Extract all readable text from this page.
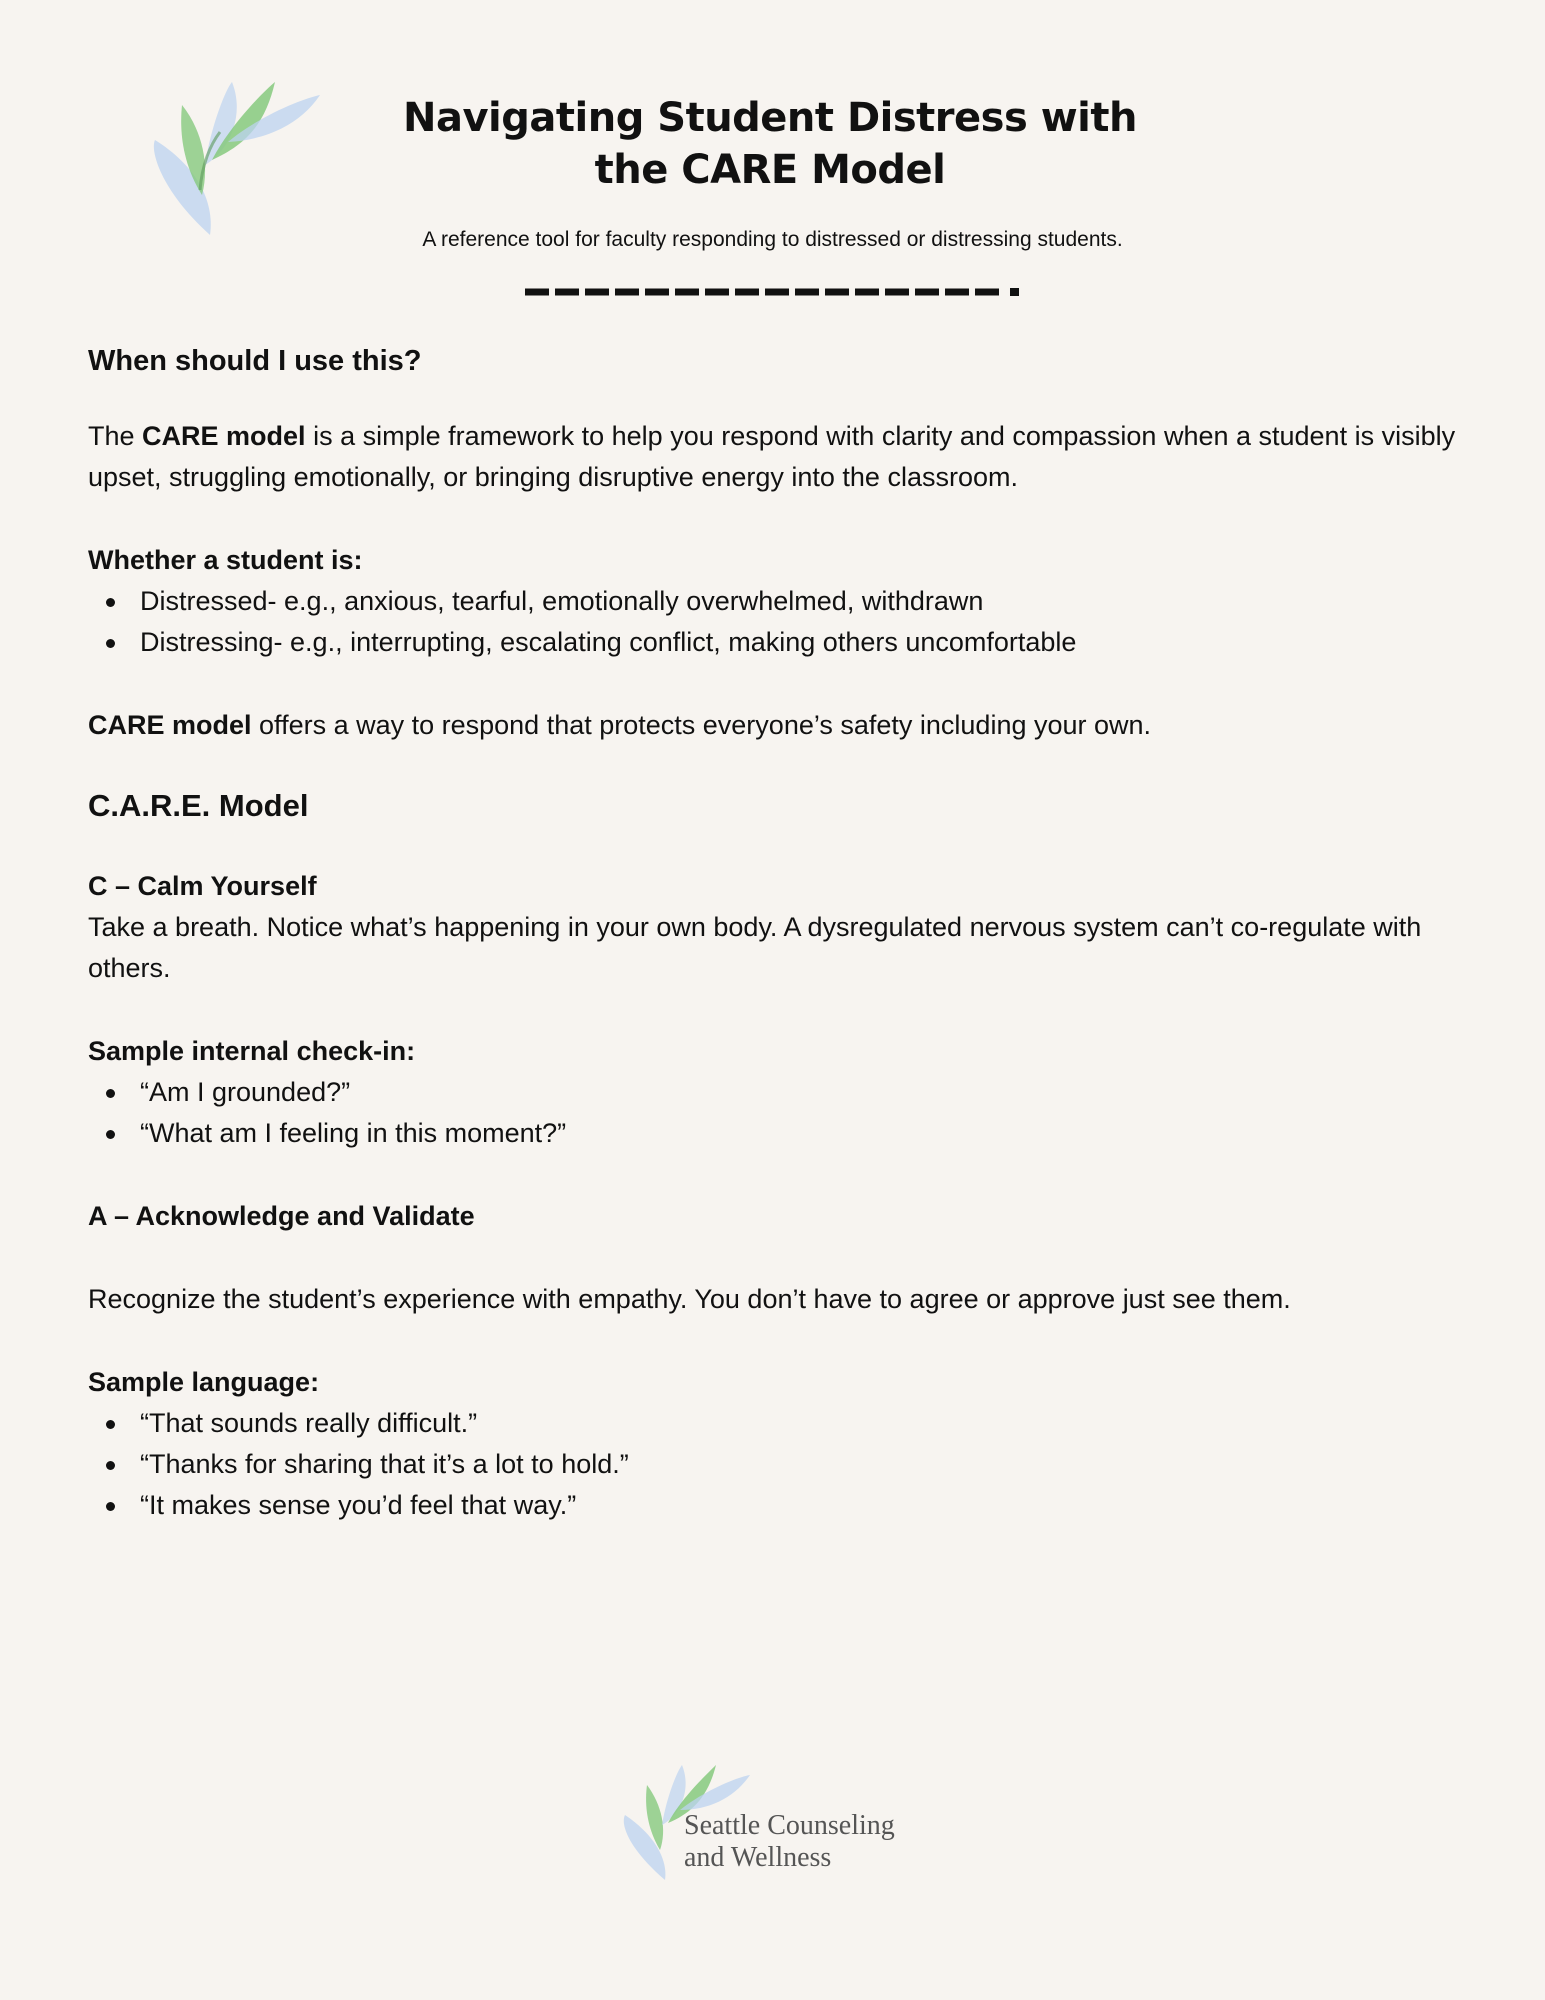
Navigating Student Distress with
the CARE Model

A reference tool for faculty responding to distressed or distressing students.

When should I use this?

The CARE model is a simple framework to help you respond with clarity and compassion when a student is visibly upset, struggling emotionally, or bringing disruptive energy into the classroom.

Whether a student is:
Distressed- e.g., anxious, tearful, emotionally overwhelmed, withdrawn
Distressing- e.g., interrupting, escalating conflict, making others uncomfortable

CARE model offers a way to respond that protects everyone’s safety including your own.

C.A.R.E. Model
C – Calm Yourself

Take a breath. Notice what’s happening in your own body. A dysregulated nervous system can’t co-regulate with others.

Sample internal check-in:
“Am I grounded?”
“What am I feeling in this moment?”
A – Acknowledge and Validate

Recognize the student’s experience with empathy. You don’t have to agree or approve just see them.

Sample language:
“That sounds really difficult.”
“Thanks for sharing that it’s a lot to hold.”
“It makes sense you’d feel that way.”
Seattle Counseling
and Wellness
